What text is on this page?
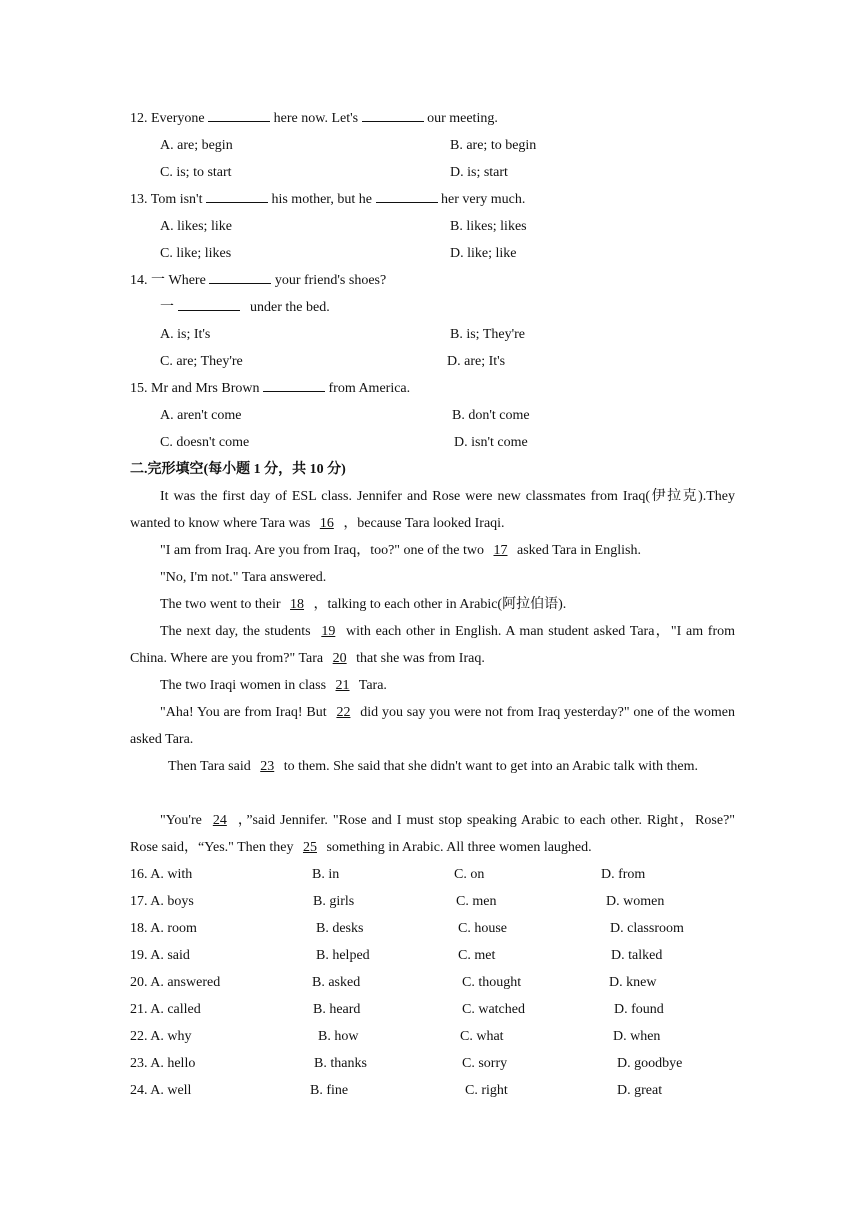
12. Everyone	here now. Let's	our meeting.
A. are; begin	B. are; to begin
C. is; to start	D. is; start
13. Tom isn't	his mother, but he	her very much.
A. likes; like	B. likes; likes
C. like; likes	D. like; like
14. 一 Where	your friend's shoes?
一	under the bed.
A. is; It's	B. is; They're
C. are; They're	D. are; It's
15. Mr and Mrs Brown	from America.
A. aren't come	B. don't come
C. doesn't come	D. isn't come
二.完形填空(每小题 1 分，共 10 分)
It was the first day of ESL class. Jennifer and Rose were new classmates from Iraq(伊拉克).They wanted to know where Tara was 16 ，because Tara looked Iraqi.
"I am from Iraq. Are you from Iraq，too?" one of the two 17 asked Tara in English.
"No, I'm not." Tara answered.
The two went to their 18 ，talking to each other in Arabic(阿拉伯语).
The next day, the students 19 with each other in English. A man student asked Tara，"I am from China. Where are you from?" Tara 20 that she was from Iraq.
The two Iraqi women in class 21 Tara.
"Aha! You are from Iraq! But 22 did you say you were not from Iraq yesterday?" one of the women asked Tara.
Then Tara said 23 to them. She said that she didn't want to get into an Arabic talk with them.
"You're 24 ，”said Jennifer. "Rose and I must stop speaking Arabic to each other. Right，Rose?" Rose said，“Yes." Then they 25 something in Arabic. All three women laughed.
16. A. with	B. in	C. on	D. from
17. A. boys	B. girls	C. men	D. women
18. A. room	B. desks	C. house	D. classroom
19. A. said	B. helped	C. met	D. talked
20. A. answered	B. asked	C. thought	D. knew
21. A. called	B. heard	C. watched	D. found
22. A. why	B. how	C. what	D. when
23. A. hello	B. thanks	C. sorry	D. goodbye
24. A. well	B. fine	C. right	D. great
